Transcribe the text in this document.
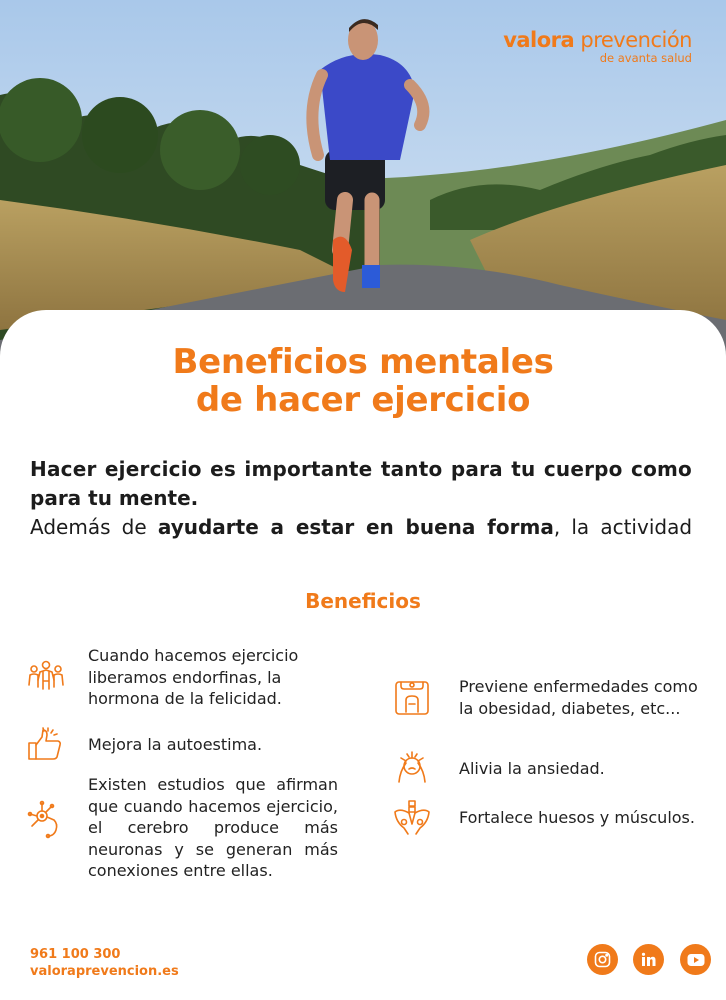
valora prevención
de avanta salud
Beneficios mentales
de hacer ejercicio
Hacer ejercicio es importante tanto para tu cuerpo como
para tu mente.
Además de ayudarte a estar en buena forma, la actividad
Beneficios
Cuando hacemos ejercicio liberamos endorfinas, la hormona de la felicidad.
Mejora la autoestima.
Existen estudios que afirman que cuando hacemos ejercicio, el cerebro produce más neuronas y se generan más conexiones entre ellas.
Previene enfermedades como la obesidad, diabetes, etc...
Alivia la ansiedad.
Fortalece huesos y músculos.
961 100 300
valoraprevencion.es
